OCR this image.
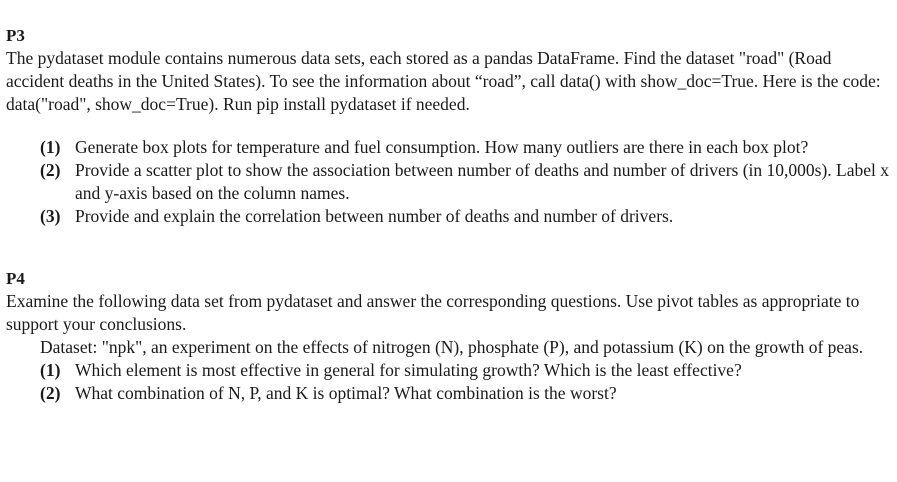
P3

The pydataset module contains numerous data sets, each stored as a pandas DataFrame. Find the dataset "road" (Road accident deaths in the United States). To see the information about “road”, call data() with show_doc=True. Here is the code: data("road", show_doc=True). Run pip install pydataset if needed.

(1) Generate box plots for temperature and fuel consumption. How many outliers are there in each box plot?
(2) Provide a scatter plot to show the association between number of deaths and number of drivers (in 10,000s). Label x and y-axis based on the column names.
(3) Provide and explain the correlation between number of deaths and number of drivers.

P4

Examine the following data set from pydataset and answer the corresponding questions. Use pivot tables as appropriate to support your conclusions.

Dataset: "npk", an experiment on the effects of nitrogen (N), phosphate (P), and potassium (K) on the growth of peas.

(1) Which element is most effective in general for simulating growth? Which is the least effective?
(2) What combination of N, P, and K is optimal? What combination is the worst?
